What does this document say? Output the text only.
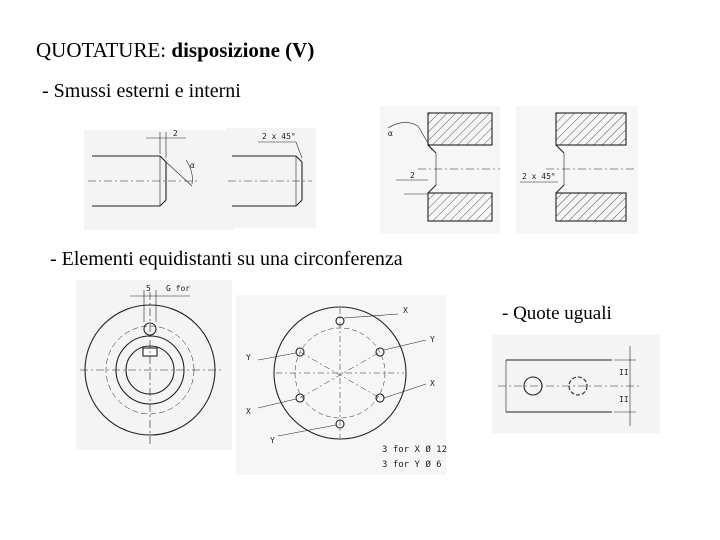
QUOTATURE: disposizione (V)
- Smussi esterni e interni
- Elementi equidistanti su una circonferenza
- Quote uguali
2
α
2 x 45°	α
2	2 x 45°
5 G for
X
Y
X
Y
X
Y
3 for X Ø 12
3 for Y Ø 6
II
II
